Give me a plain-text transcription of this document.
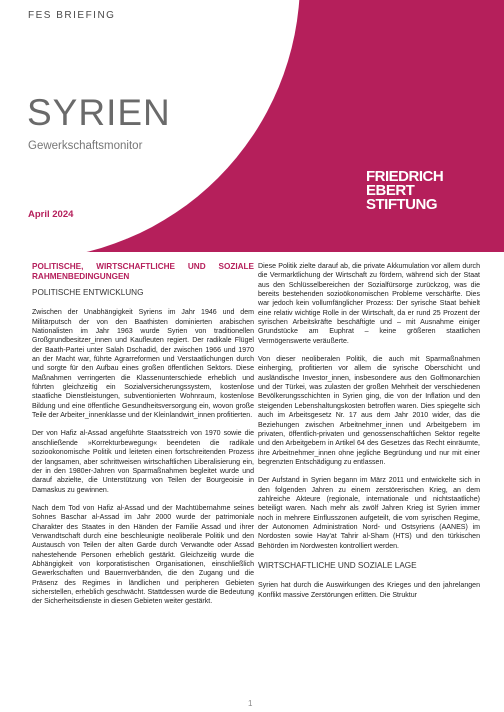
FES BRIEFING
SYRIEN
Gewerkschaftsmonitor
April 2024
FRIEDRICH
EBERT
STIFTUNG
POLITISCHE, WIRTSCHAFTLICHE UND SOZIALE RAHMENBEDINGUNGEN
POLITISCHE ENTWICKLUNG

Zwischen der Unabhängigkeit Syriens im Jahr 1946 und dem Militärputsch der von den Baathisten dominierten arabischen Nationalisten im Jahr 1963 wurde Syrien von traditionellen Großgrundbesitzer_innen und Kaufleuten regiert. Der radikale Flügel der Baath-Partei unter Salah Dschadid, der zwischen 1966 und 1970 an der Macht war, führte Agrarreformen und Verstaatlichungen durch und sorgte für den Aufbau eines großen öffentlichen Sektors. Diese Maßnahmen verringerten die Klassenunterschiede erheblich und führten gleichzeitig ein Sozialversicherungssystem, kostenlose staatliche Dienstleistungen, subventionierten Wohnraum, kostenlose Bildung und eine öffentliche Gesundheitsversorgung ein, wovon große Teile der Arbeiter_innenklasse und der Kleinlandwirt_innen profitierten.

Der von Hafiz al-Assad angeführte Staatsstreich von 1970 sowie die anschließende »Korrekturbewegung« beendeten die radikale soziookonomische Politik und leiteten einen fortschreitenden Prozess der langsamen, aber schrittweisen wirtschaftlichen Liberalisierung ein, der in den 1980er-Jahren von Sparmaßnahmen begleitet wurde und darauf abzielte, die Unterstützung von Teilen der Bourgeoisie in Damaskus zu gewinnen.

Nach dem Tod von Hafiz al-Assad und der Machtübernahme seines Sohnes Baschar al-Assad im Jahr 2000 wurde der patrimoniale Charakter des Staates in den Händen der Familie Assad und ihrer Verwandtschaft durch eine beschleunigte neoliberale Politik und den Austausch von Teilen der alten Garde durch Verwandte oder Assad nahestehende Personen erheblich gestärkt. Gleichzeitig wurde die Abhängigkeit von korporatistischen Organisationen, einschließlich Gewerkschaften und Bauernverbänden, die den Zugang und die Präsenz des Regimes in ländlichen und peripheren Gebieten sicherstellen, erheblich geschwächt. Stattdessen wurde die Bedeutung der Sicherheitsdienste in diesen Gebieten weiter gestärkt.

Diese Politik zielte darauf ab, die private Akkumulation vor allem durch die Vermarktlichung der Wirtschaft zu fördern, während sich der Staat aus den Schlüsselbereichen der Sozialfürsorge zurückzog, was die bereits bestehenden sozioökonomischen Probleme verschärfte. Dies war jedoch kein vollumfänglicher Prozess: Der syrische Staat behielt eine relativ wichtige Rolle in der Wirtschaft, da er rund 25 Prozent der syrischen Arbeitskräfte beschäftigte und – mit Ausnahme einiger Grundstücke am Euphrat – keine größeren staatlichen Vermögenswerte veräußerte.

Von dieser neoliberalen Politik, die auch mit Sparmaßnahmen einherging, profitierten vor allem die syrische Oberschicht und ausländische Investor_innen, insbesondere aus den Golfmonarchien und der Türkei, was zulasten der großen Mehrheit der verschiedenen Bevölkerungsschichten in Syrien ging, die von der Inflation und den steigenden Lebenshaltungskosten betroffen waren. Dies spiegelte sich auch im Arbeitsgesetz Nr. 17 aus dem Jahr 2010 wider, das die Beziehungen zwischen Arbeitnehmer_innen und Arbeitgebern im privaten, öffentlich-privaten und genossenschaftlichen Sektor regelte und den Arbeitgebern in Artikel 64 des Gesetzes das Recht einräumte, ihre Arbeitnehmer_innen ohne jegliche Begründung und nur mit einer begrenzten Entschädigung zu entlassen.

Der Aufstand in Syrien begann im März 2011 und entwickelte sich in den folgenden Jahren zu einem zerstörerischen Krieg, an dem zahlreiche Akteure (regionale, internationale und nichtstaatliche) beteiligt waren. Nach mehr als zwölf Jahren Krieg ist Syrien immer noch in mehrere Einflusszonen aufgeteilt, die vom syrischen Regime, der Autonomen Administration Nord- und Ostsyriens (AANES) im Nordosten sowie Hay'at Tahrir al-Sham (HTS) und den türkischen Behörden im Nordwesten kontrolliert werden.

WIRTSCHAFTLICHE UND SOZIALE LAGE

Syrien hat durch die Auswirkungen des Krieges und den jahrelangen Konflikt massive Zerstörungen erlitten. Die Struktur

1
